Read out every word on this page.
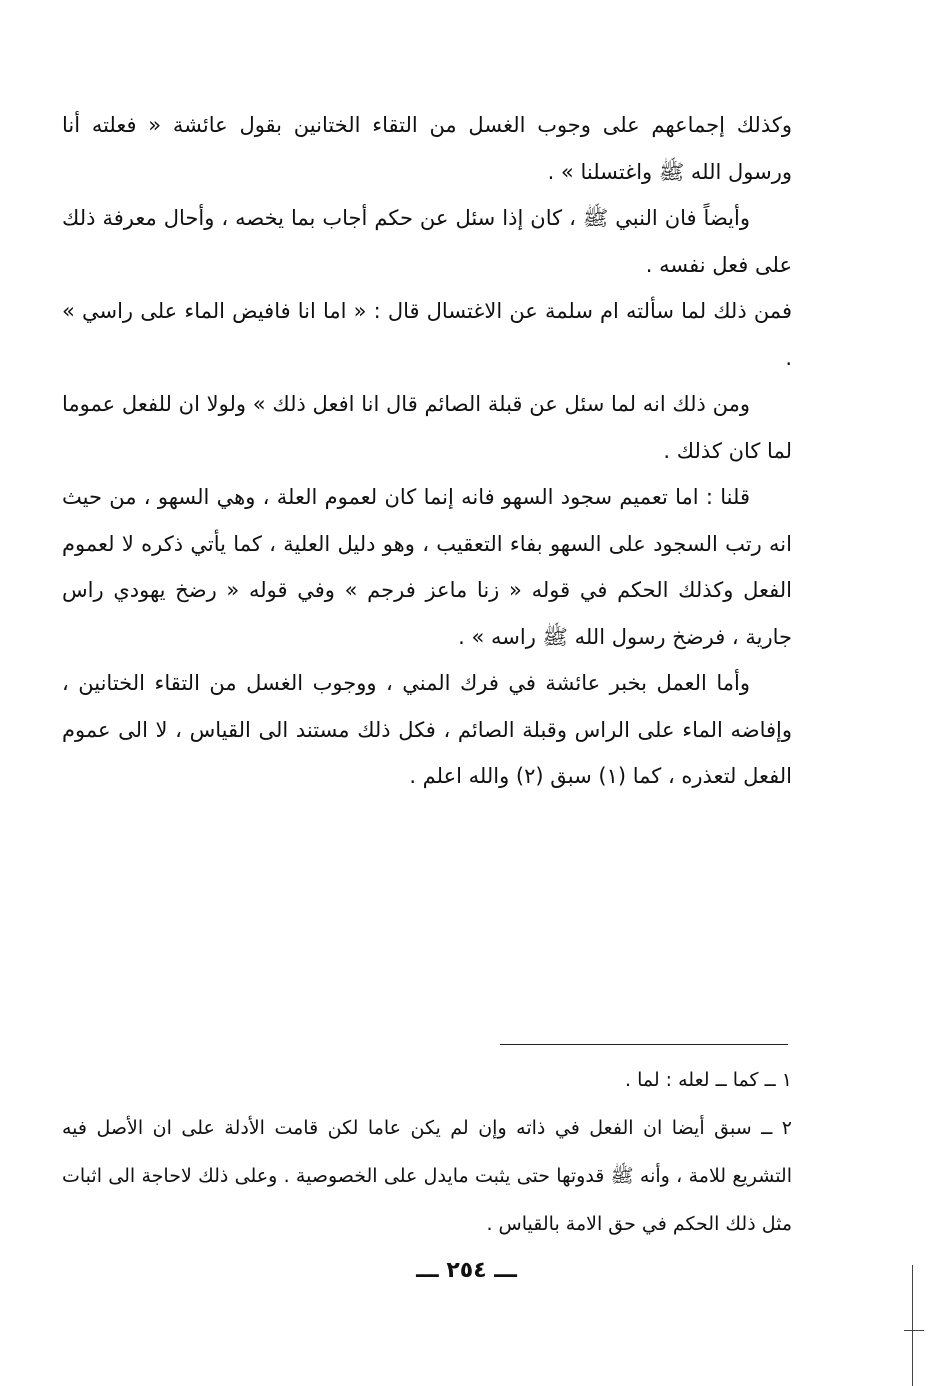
وكذلك إجماعهم على وجوب الغسل من التقاء الختانين بقول عائشة « فعلته أنا ورسول الله ﷺ واغتسلنا » .

وأيضاً فان النبي ﷺ ، كان إذا سئل عن حكم أجاب بما يخصه ، وأحال معرفة ذلك على فعل نفسه .

فمن ذلك لما سألته ام سلمة عن الاغتسال قال : « اما انا فافيض الماء على راسي » .

ومن ذلك انه لما سئل عن قبلة الصائم قال انا افعل ذلك » ولولا ان للفعل عموما لما كان كذلك .

قلنا : اما تعميم سجود السهو فانه إنما كان لعموم العلة ، وهي السهو ، من حيث انه رتب السجود على السهو بفاء التعقيب ، وهو دليل العلية ، كما يأتي ذكره لا لعموم الفعل وكذلك الحكم في قوله « زنا ماعز فرجم » وفي قوله « رضخ يهودي راس جارية ، فرضخ رسول الله ﷺ راسه » .

وأما العمل بخبر عائشة في فرك المني ، ووجوب الغسل من التقاء الختانين ، وإفاضه الماء على الراس وقبلة الصائم ، فكل ذلك مستند الى القياس ، لا الى عموم الفعل لتعذره ، كما (١) سبق (٢) والله اعلم .

١ ــ كما ــ لعله : لما .

٢ ــ سبق أيضا ان الفعل في ذاته وإن لم يكن عاما لكن قامت الأدلة على ان الأصل فيه التشريع للامة ، وأنه ﷺ قدوتها حتى يثبت مايدل على الخصوصية . وعلى ذلك لاحاجة الى اثبات مثل ذلك الحكم في حق الامة بالقياس .

ـــ ٢٥٤ ـــ
